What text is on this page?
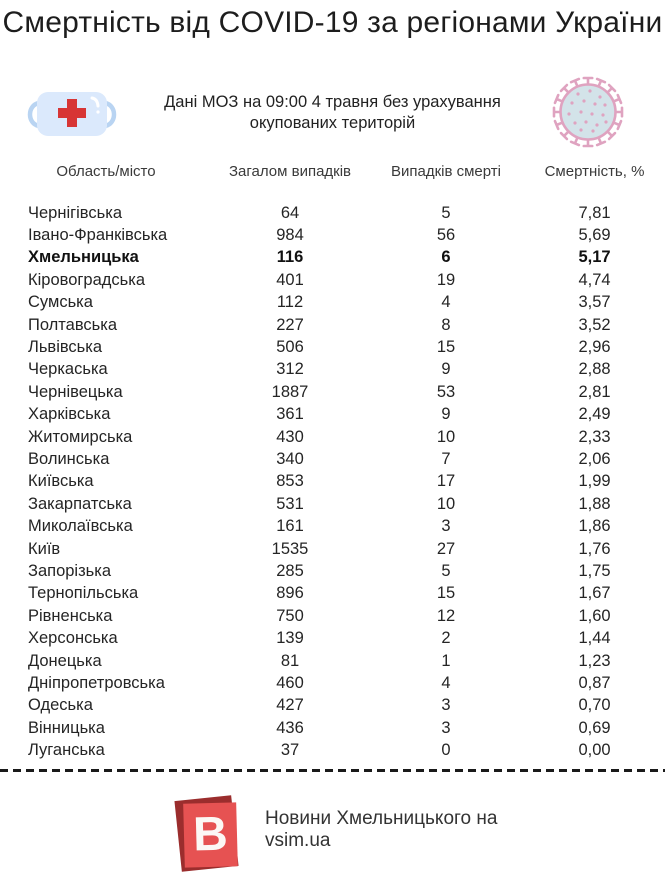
Смертність від COVID-19 за регіонами України

Дані МОЗ на 09:00 4 травня без урахування окупованих територій

Область/місто	Загалом випадків	Випадків смерті	Смертність, %
Чернігівська	64	5	7,81
Івано-Франківська	984	56	5,69
Хмельницька	116	6	5,17
Кіровоградська	401	19	4,74
Сумська	112	4	3,57
Полтавська	227	8	3,52
Львівська	506	15	2,96
Черкаська	312	9	2,88
Чернівецька	1887	53	2,81
Харківська	361	9	2,49
Житомирська	430	10	2,33
Волинська	340	7	2,06
Київська	853	17	1,99
Закарпатська	531	10	1,88
Миколаївська	161	3	1,86
Київ	1535	27	1,76
Запорізька	285	5	1,75
Тернопільська	896	15	1,67
Рівненська	750	12	1,60
Херсонська	139	2	1,44
Донецька	81	1	1,23
Дніпропетровська	460	4	0,87
Одеська	427	3	0,70
Вінницька	436	3	0,69
Луганська	37	0	0,00
В Новини Хмельницького на vsim.ua
